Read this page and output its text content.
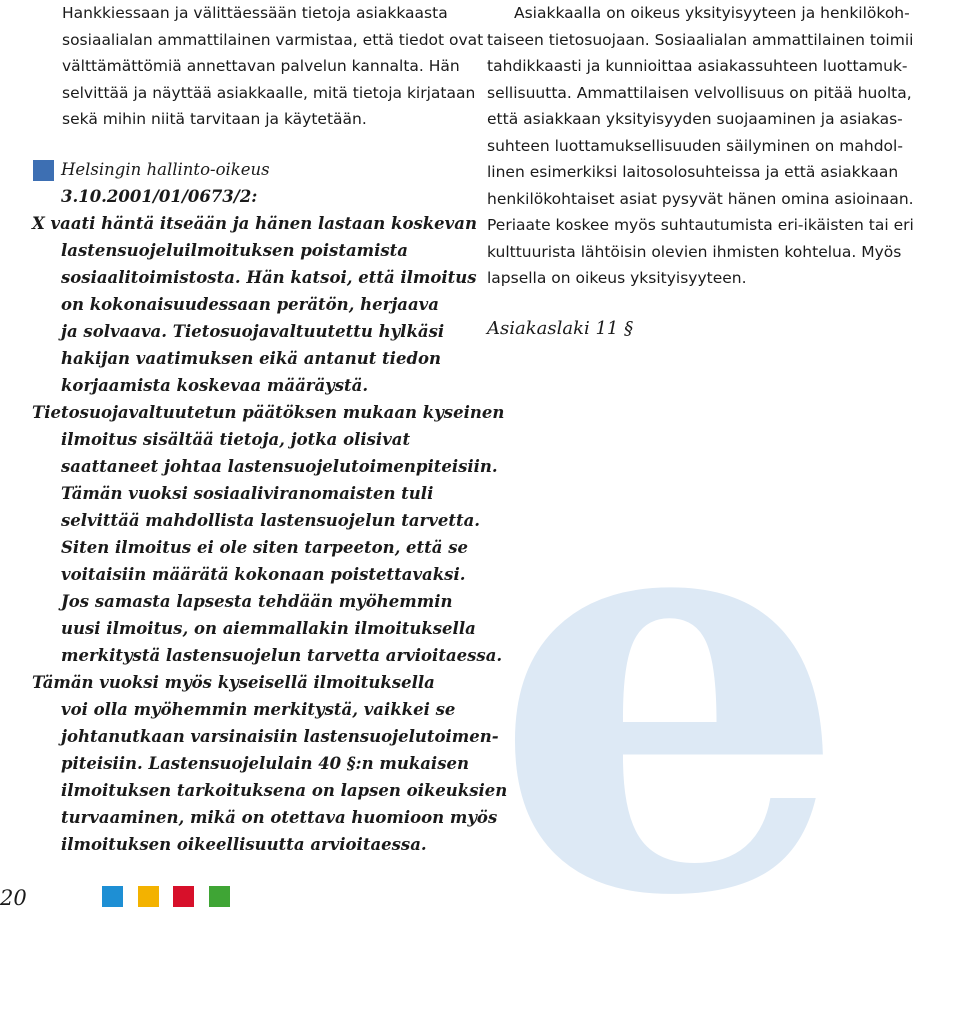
e
Hankkiessaan ja välittäessään tietoja asiakkaasta
sosiaalialan ammattilainen varmistaa, että tiedot ovat
välttämättömiä annettavan palvelun kannalta. Hän
selvittää ja näyttää asiakkaalle, mitä tietoja kirjataan
sekä mihin niitä tarvitaan ja käytetään.
Helsingin hallinto-oikeus
3.10.2001/01/0673/2:
X vaati häntä itseään ja hänen lastaan koskevan
lastensuojeluilmoituksen poistamista
sosiaalitoimistosta. Hän katsoi, että ilmoitus
on kokonaisuudessaan perätön, herjaava
ja solvaava. Tietosuojavaltuutettu hylkäsi
hakijan vaatimuksen eikä antanut tiedon
korjaamista koskevaa määräystä.
Tietosuojavaltuutetun päätöksen mukaan kyseinen
ilmoitus sisältää tietoja, jotka olisivat
saattaneet johtaa lastensuojelutoimenpiteisiin.
Tämän vuoksi sosiaaliviranomaisten tuli
selvittää mahdollista lastensuojelun tarvetta.
Siten ilmoitus ei ole siten tarpeeton, että se
voitaisiin määrätä kokonaan poistettavaksi.
Jos samasta lapsesta tehdään myöhemmin
uusi ilmoitus, on aiemmallakin ilmoituksella
merkitystä lastensuojelun tarvetta arvioitaessa.
Tämän vuoksi myös kyseisellä ilmoituksella
voi olla myöhemmin merkitystä, vaikkei se
johtanutkaan varsinaisiin lastensuojelutoimen-
piteisiin. Lastensuojelulain 40 §:n mukaisen
ilmoituksen tarkoituksena on lapsen oikeuksien
turvaaminen, mikä on otettava huomioon myös
ilmoituksen oikeellisuutta arvioitaessa.
Asiakkaalla on oikeus yksityisyyteen ja henkilökoh-
taiseen tietosuojaan. Sosiaalialan ammattilainen toimii
tahdikkaasti ja kunnioittaa asiakassuhteen luottamuk-
sellisuutta. Ammattilaisen velvollisuus on pitää huolta,
että asiakkaan yksityisyyden suojaaminen ja asiakas-
suhteen luottamuksellisuuden säilyminen on mahdol-
linen esimerkiksi laitosolosuhteissa ja että asiakkaan
henkilökohtaiset asiat pysyvät hänen omina asioinaan.
Periaate koskee myös suhtautumista eri-ikäisten tai eri
kulttuurista lähtöisin olevien ihmisten kohtelua. Myös
lapsella on oikeus yksityisyyteen.
Asiakaslaki 11 §
20
